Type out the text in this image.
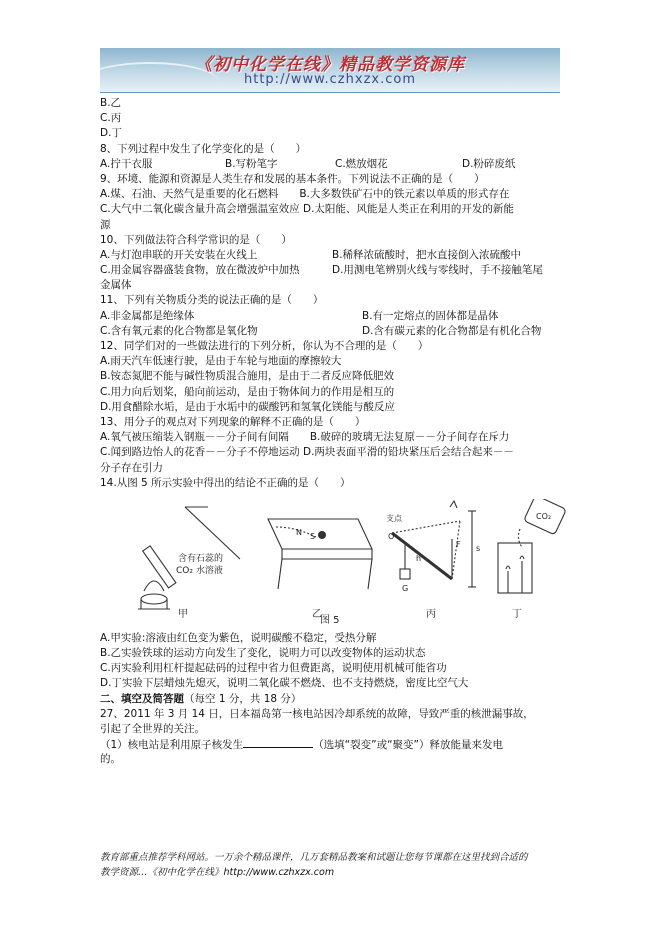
《初中化学在线》精品教学资源库
http://www.czhxzx.com
B.乙
C.丙
D.丁
8、下列过程中发生了化学变化的是（　　）
A.拧干衣服	B.写粉笔字	C.燃放烟花	D.粉碎废纸
9、环境、能源和资源是人类生存和发展的基本条件。下列说法不正确的是（　　）
A.煤、石油、天然气是重要的化石燃料　　B.大多数铁矿石中的铁元素以单质的形式存在
C.大气中二氧化碳含量升高会增强温室效应 D.太阳能、风能是人类正在利用的开发的新能
源
10、下列做法符合科学常识的是（　　）
A.与灯泡串联的开关安装在火线上	B.稀释浓硫酸时，把水直接倒入浓硫酸中
C.用金属容器盛装食物，放在微波炉中加热	D.用测电笔辨别火线与零线时，手不接触笔尾
金属体
11、下列有关物质分类的说法正确的是（　　）
A.非金属都是绝缘体	B.有一定熔点的固体都是晶体
C.含有氧元素的化合物都是氧化物	D.含有碳元素的化合物都是有机化合物
12、同学们对的一些做法进行的下列分析，你认为不合理的是（　　）
A.雨天汽车低速行驶，是由于车轮与地面的摩擦较大
B.铵态氮肥不能与碱性物质混合施用，是由于二者反应降低肥效
C.用力向后划桨，船向前运动，是由于物体间力的作用是相互的
D.用食醋除水垢，是由于水垢中的碳酸钙和氢氧化镁能与酸反应
13、用分子的观点对下列现象的解释不正确的是（　　）
A.氧气被压缩装入钢瓶－－分子间有间隔　　B.破碎的玻璃无法复原－－分子间存在斥力
C.闻到路边怡人的花香－－分子不停地运动 D.两块表面平滑的铅块紧压后会结合起来－－
分子存在引力
14.从图 5 所示实验中得出的结论不正确的是（　　）
含有石蕊的
CO₂ 水溶液
甲
N S
乙
支点
O
F
h
s
G
丙
CO₂
丁
图 5
A.甲实验:溶液由红色变为紫色，说明碳酸不稳定，受热分解
B.乙实验铁球的运动方向发生了变化，说明力可以改变物体的运动状态
C.丙实验利用杠杆提起砝码的过程中省力但费距离，说明使用机械可能省功
D.丁实验下层蜡烛先熄灭，说明二氧化碳不燃烧、也不支持燃烧，密度比空气大
二、填空及简答题（每空 1 分，共 18 分）
27、2011 年 3 月 14 日，日本福岛第一核电站因冷却系统的故障，导致严重的核泄漏事故，
引起了全世界的关注。
（1）核电站是利用原子核发生	（选填“裂变”或“聚变”）释放能量来发电
的。
教育部重点推荐学科网站。一万余个精品课件，几万套精品教案和试题让您每节课都在这里找到合适的
教学资源…《初中化学在线》http://www.czhxzx.com
